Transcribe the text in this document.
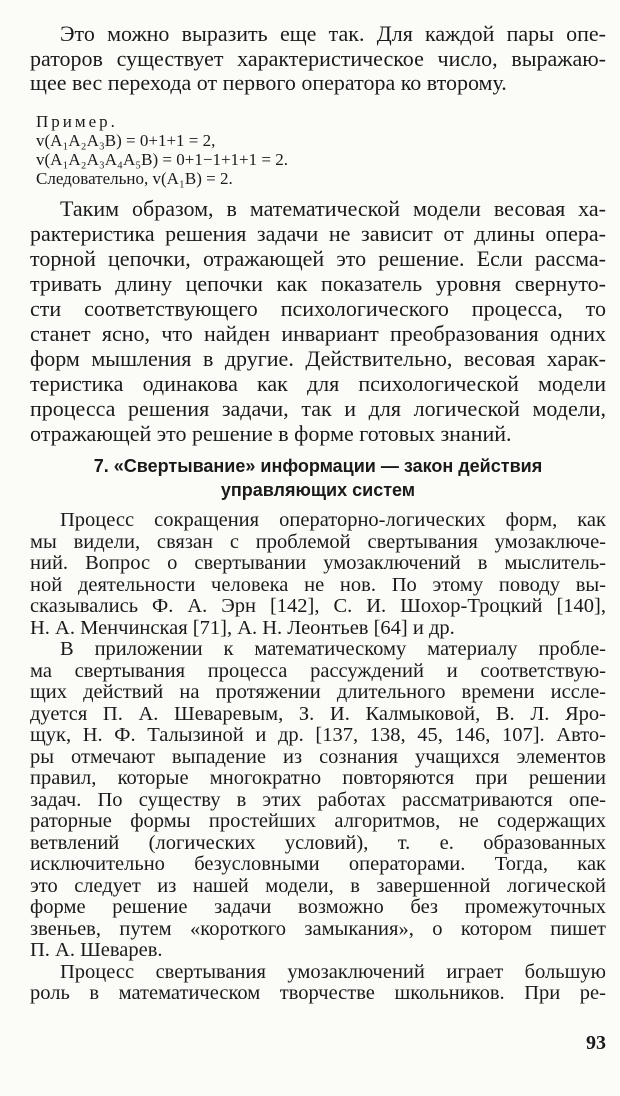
Это можно выразить еще так. Для каждой пары опе-
раторов существует характеристическое число, выражаю-
щее вес перехода от первого оператора ко второму.
Пример.
v(A₁A₂A₃B) = 0+1+1 = 2,
v(A₁A₂A₃A₄A₅B) = 0+1−1+1+1 = 2.
Следовательно, v(A₁B) = 2.
Таким образом, в математической модели весовая ха-
рактеристика решения задачи не зависит от длины опера-
торной цепочки, отражающей это решение. Если рассма-
тривать длину цепочки как показатель уровня свернуто-
сти соответствующего психологического процесса, то
станет ясно, что найден инвариант преобразования одних
форм мышления в другие. Действительно, весовая харак-
теристика одинакова как для психологической модели
процесса решения задачи, так и для логической модели,
отражающей это решение в форме готовых знаний.
7. «Свертывание» информации — закон действия
управляющих систем
Процесс сокращения операторно-логических форм, как
мы видели, связан с проблемой свертывания умозаключе-
ний. Вопрос о свертывании умозаключений в мыслитель-
ной деятельности человека не нов. По этому поводу вы-
сказывались Ф. А. Эрн [142], С. И. Шохор-Троцкий [140],
Н. А. Менчинская [71], А. Н. Леонтьев [64] и др.
В приложении к математическому материалу пробле-
ма свертывания процесса рассуждений и соответствую-
щих действий на протяжении длительного времени иссле-
дуется П. А. Шеваревым, З. И. Калмыковой, В. Л. Яро-
щук, Н. Ф. Талызиной и др. [137, 138, 45, 146, 107]. Авто-
ры отмечают выпадение из сознания учащихся элементов
правил, которые многократно повторяются при решении
задач. По существу в этих работах рассматриваются опе-
раторные формы простейших алгоритмов, не содержащих
ветвлений (логических условий), т. е. образованных
исключительно безусловными операторами. Тогда, как
это следует из нашей модели, в завершенной логической
форме решение задачи возможно без промежуточных
звеньев, путем «короткого замыкания», о котором пишет
П. А. Шеварев.
Процесс свертывания умозаключений играет большую
роль в математическом творчестве школьников. При ре-
93
